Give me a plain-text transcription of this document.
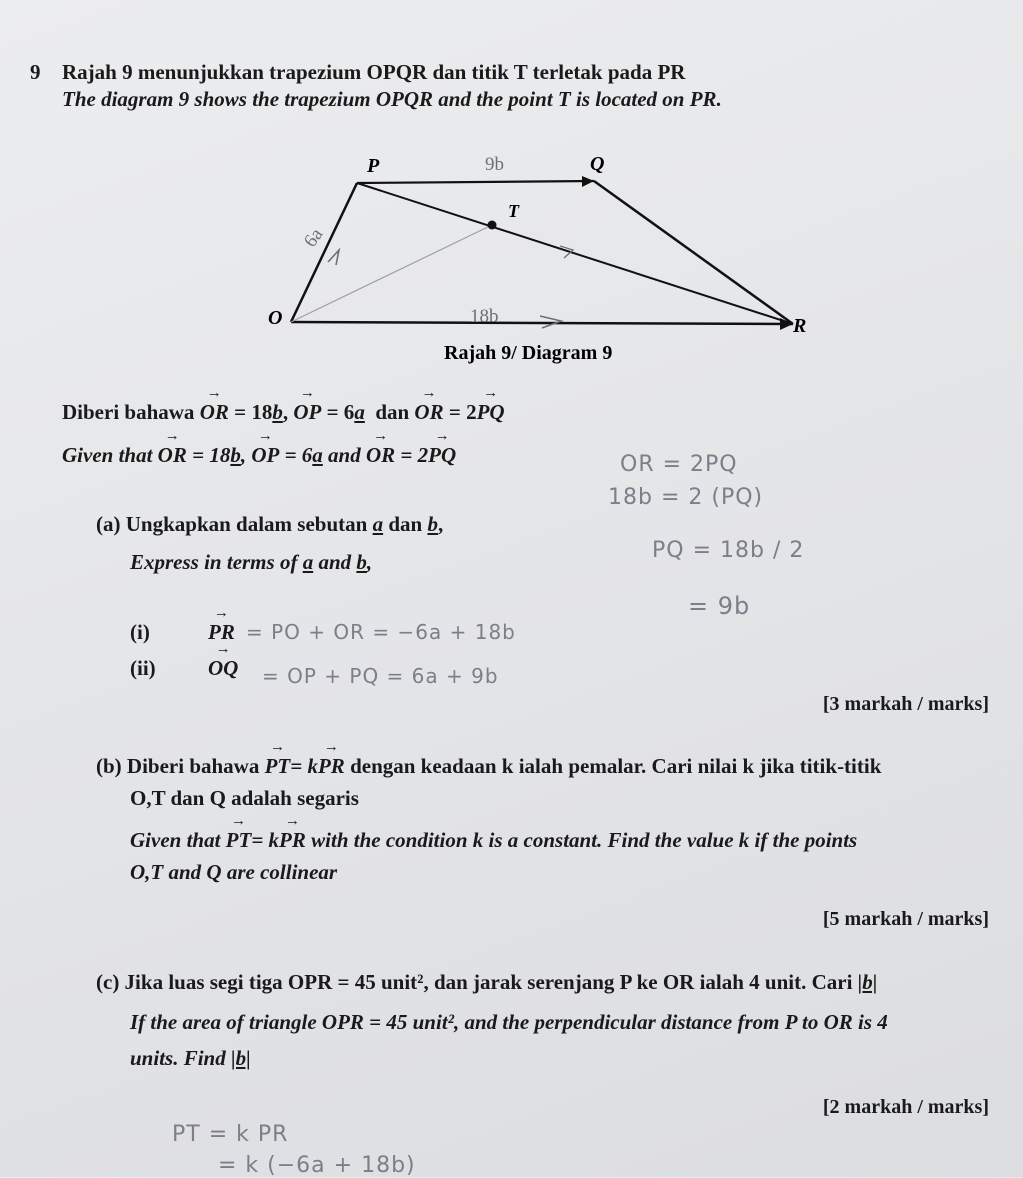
9 Rajah 9 menunjukkan trapezium OPQR dan titik T terletak pada PR
The diagram 9 shows the trapezium OPQR and the point T is located on PR.
P	Q
T
O	R
9b
6a
18b
Rajah 9/ Diagram 9
Diberi bahawa → OR = 18b, → OP = 6a dan → OR = 2→ PQ
Given that → OR = 18b, → OP = 6a and → OR = 2→ PQ	OR = 2PQ
18b = 2 (PQ)
PQ = 18b / 2
= 9b
(a) Ungkapkan dalam sebutan a dan b,
Express in terms of a and b,
(i)	→ PR = PO + OR = −6a + 18b
(ii) → OQ = OP + PQ = 6a + 9b
[3 markah / marks]
(b) Diberi bahawa → PT= k→ PR dengan keadaan k ialah pemalar. Cari nilai k jika titik-titik
O,T dan Q adalah segaris
Given that → PT= k→ PR with the condition k is a constant. Find the value k if the points
O,T and Q are collinear
[5 markah / marks]
(c) Jika luas segi tiga OPR = 45 unit², dan jarak serenjang P ke OR ialah 4 unit. Cari |b|
If the area of triangle OPR = 45 unit², and the perpendicular distance from P to OR is 4
units. Find |b|
[2 markah / marks]
PT = k PR
= k (−6a + 18b)
